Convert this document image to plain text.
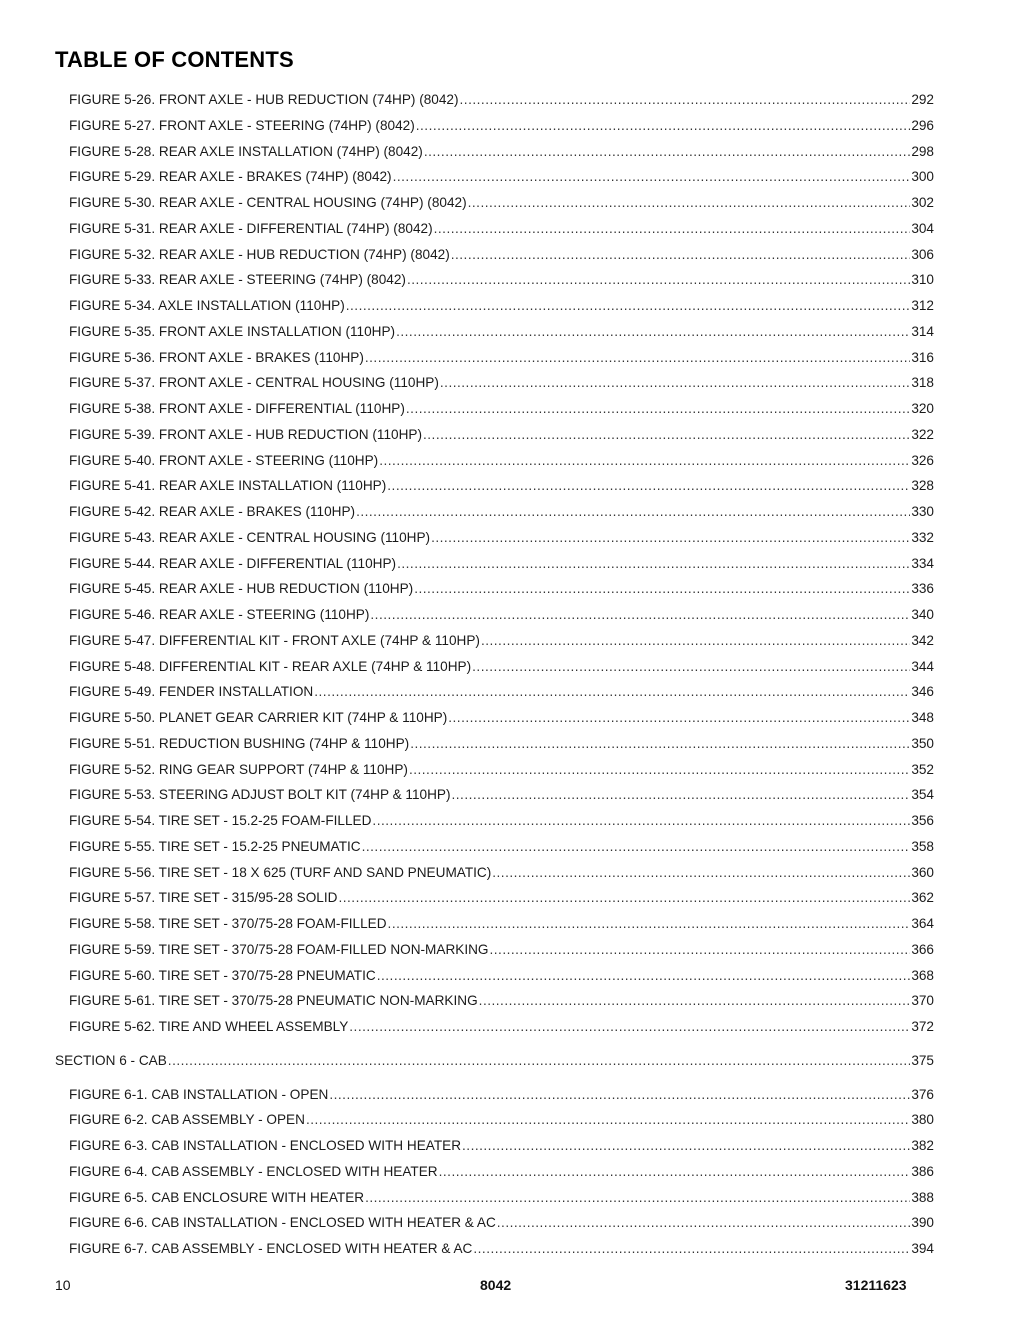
TABLE OF CONTENTS
FIGURE 5-26. FRONT AXLE - HUB REDUCTION (74HP) (8042) .....	292
FIGURE 5-27. FRONT AXLE - STEERING (74HP) (8042) .....	296
FIGURE 5-28. REAR AXLE INSTALLATION (74HP) (8042) .....	298
FIGURE 5-29. REAR AXLE - BRAKES (74HP) (8042) .....	300
FIGURE 5-30. REAR AXLE - CENTRAL HOUSING (74HP) (8042) .....	302
FIGURE 5-31. REAR AXLE - DIFFERENTIAL (74HP) (8042) .....	304
FIGURE 5-32. REAR AXLE - HUB REDUCTION (74HP) (8042) .....	306
FIGURE 5-33. REAR AXLE - STEERING (74HP) (8042) .....	310
FIGURE 5-34. AXLE INSTALLATION (110HP) .....	312
FIGURE 5-35. FRONT AXLE INSTALLATION (110HP) .....	314
FIGURE 5-36. FRONT AXLE - BRAKES (110HP) .....	316
FIGURE 5-37. FRONT AXLE - CENTRAL HOUSING (110HP) .....	318
FIGURE 5-38. FRONT AXLE - DIFFERENTIAL (110HP) .....	320
FIGURE 5-39. FRONT AXLE - HUB REDUCTION (110HP) .....	322
FIGURE 5-40. FRONT AXLE - STEERING (110HP) .....	326
FIGURE 5-41. REAR AXLE INSTALLATION (110HP) .....	328
FIGURE 5-42. REAR AXLE - BRAKES (110HP) .....	330
FIGURE 5-43. REAR AXLE - CENTRAL HOUSING (110HP) .....	332
FIGURE 5-44. REAR AXLE - DIFFERENTIAL (110HP) .....	334
FIGURE 5-45. REAR AXLE - HUB REDUCTION (110HP) .....	336
FIGURE 5-46. REAR AXLE - STEERING (110HP) .....	340
FIGURE 5-47. DIFFERENTIAL KIT - FRONT AXLE (74HP & 110HP) .....	342
FIGURE 5-48. DIFFERENTIAL KIT - REAR AXLE (74HP & 110HP) .....	344
FIGURE 5-49. FENDER INSTALLATION .....	346
FIGURE 5-50. PLANET GEAR CARRIER KIT (74HP & 110HP) .....	348
FIGURE 5-51. REDUCTION BUSHING (74HP & 110HP) .....	350
FIGURE 5-52. RING GEAR SUPPORT (74HP & 110HP) .....	352
FIGURE 5-53. STEERING ADJUST BOLT KIT (74HP & 110HP) .....	354
FIGURE 5-54. TIRE SET - 15.2-25 FOAM-FILLED .....	356
FIGURE 5-55. TIRE SET - 15.2-25 PNEUMATIC .....	358
FIGURE 5-56. TIRE SET - 18 X 625 (TURF AND SAND PNEUMATIC) .....	360
FIGURE 5-57. TIRE SET - 315/95-28 SOLID .....	362
FIGURE 5-58. TIRE SET - 370/75-28 FOAM-FILLED .....	364
FIGURE 5-59. TIRE SET - 370/75-28 FOAM-FILLED NON-MARKING .....	366
FIGURE 5-60. TIRE SET - 370/75-28 PNEUMATIC .....	368
FIGURE 5-61. TIRE SET - 370/75-28 PNEUMATIC NON-MARKING .....	370
FIGURE 5-62. TIRE AND WHEEL ASSEMBLY .....	372
SECTION 6 - CAB .....	375
FIGURE 6-1. CAB INSTALLATION - OPEN .....	376
FIGURE 6-2. CAB ASSEMBLY - OPEN .....	380
FIGURE 6-3. CAB INSTALLATION - ENCLOSED WITH HEATER .....	382
FIGURE 6-4. CAB ASSEMBLY - ENCLOSED WITH HEATER .....	386
FIGURE 6-5. CAB ENCLOSURE WITH HEATER .....	388
FIGURE 6-6. CAB INSTALLATION - ENCLOSED WITH HEATER & AC .....	390
FIGURE 6-7. CAB ASSEMBLY - ENCLOSED WITH HEATER & AC .....	394
10	8042	31211623
